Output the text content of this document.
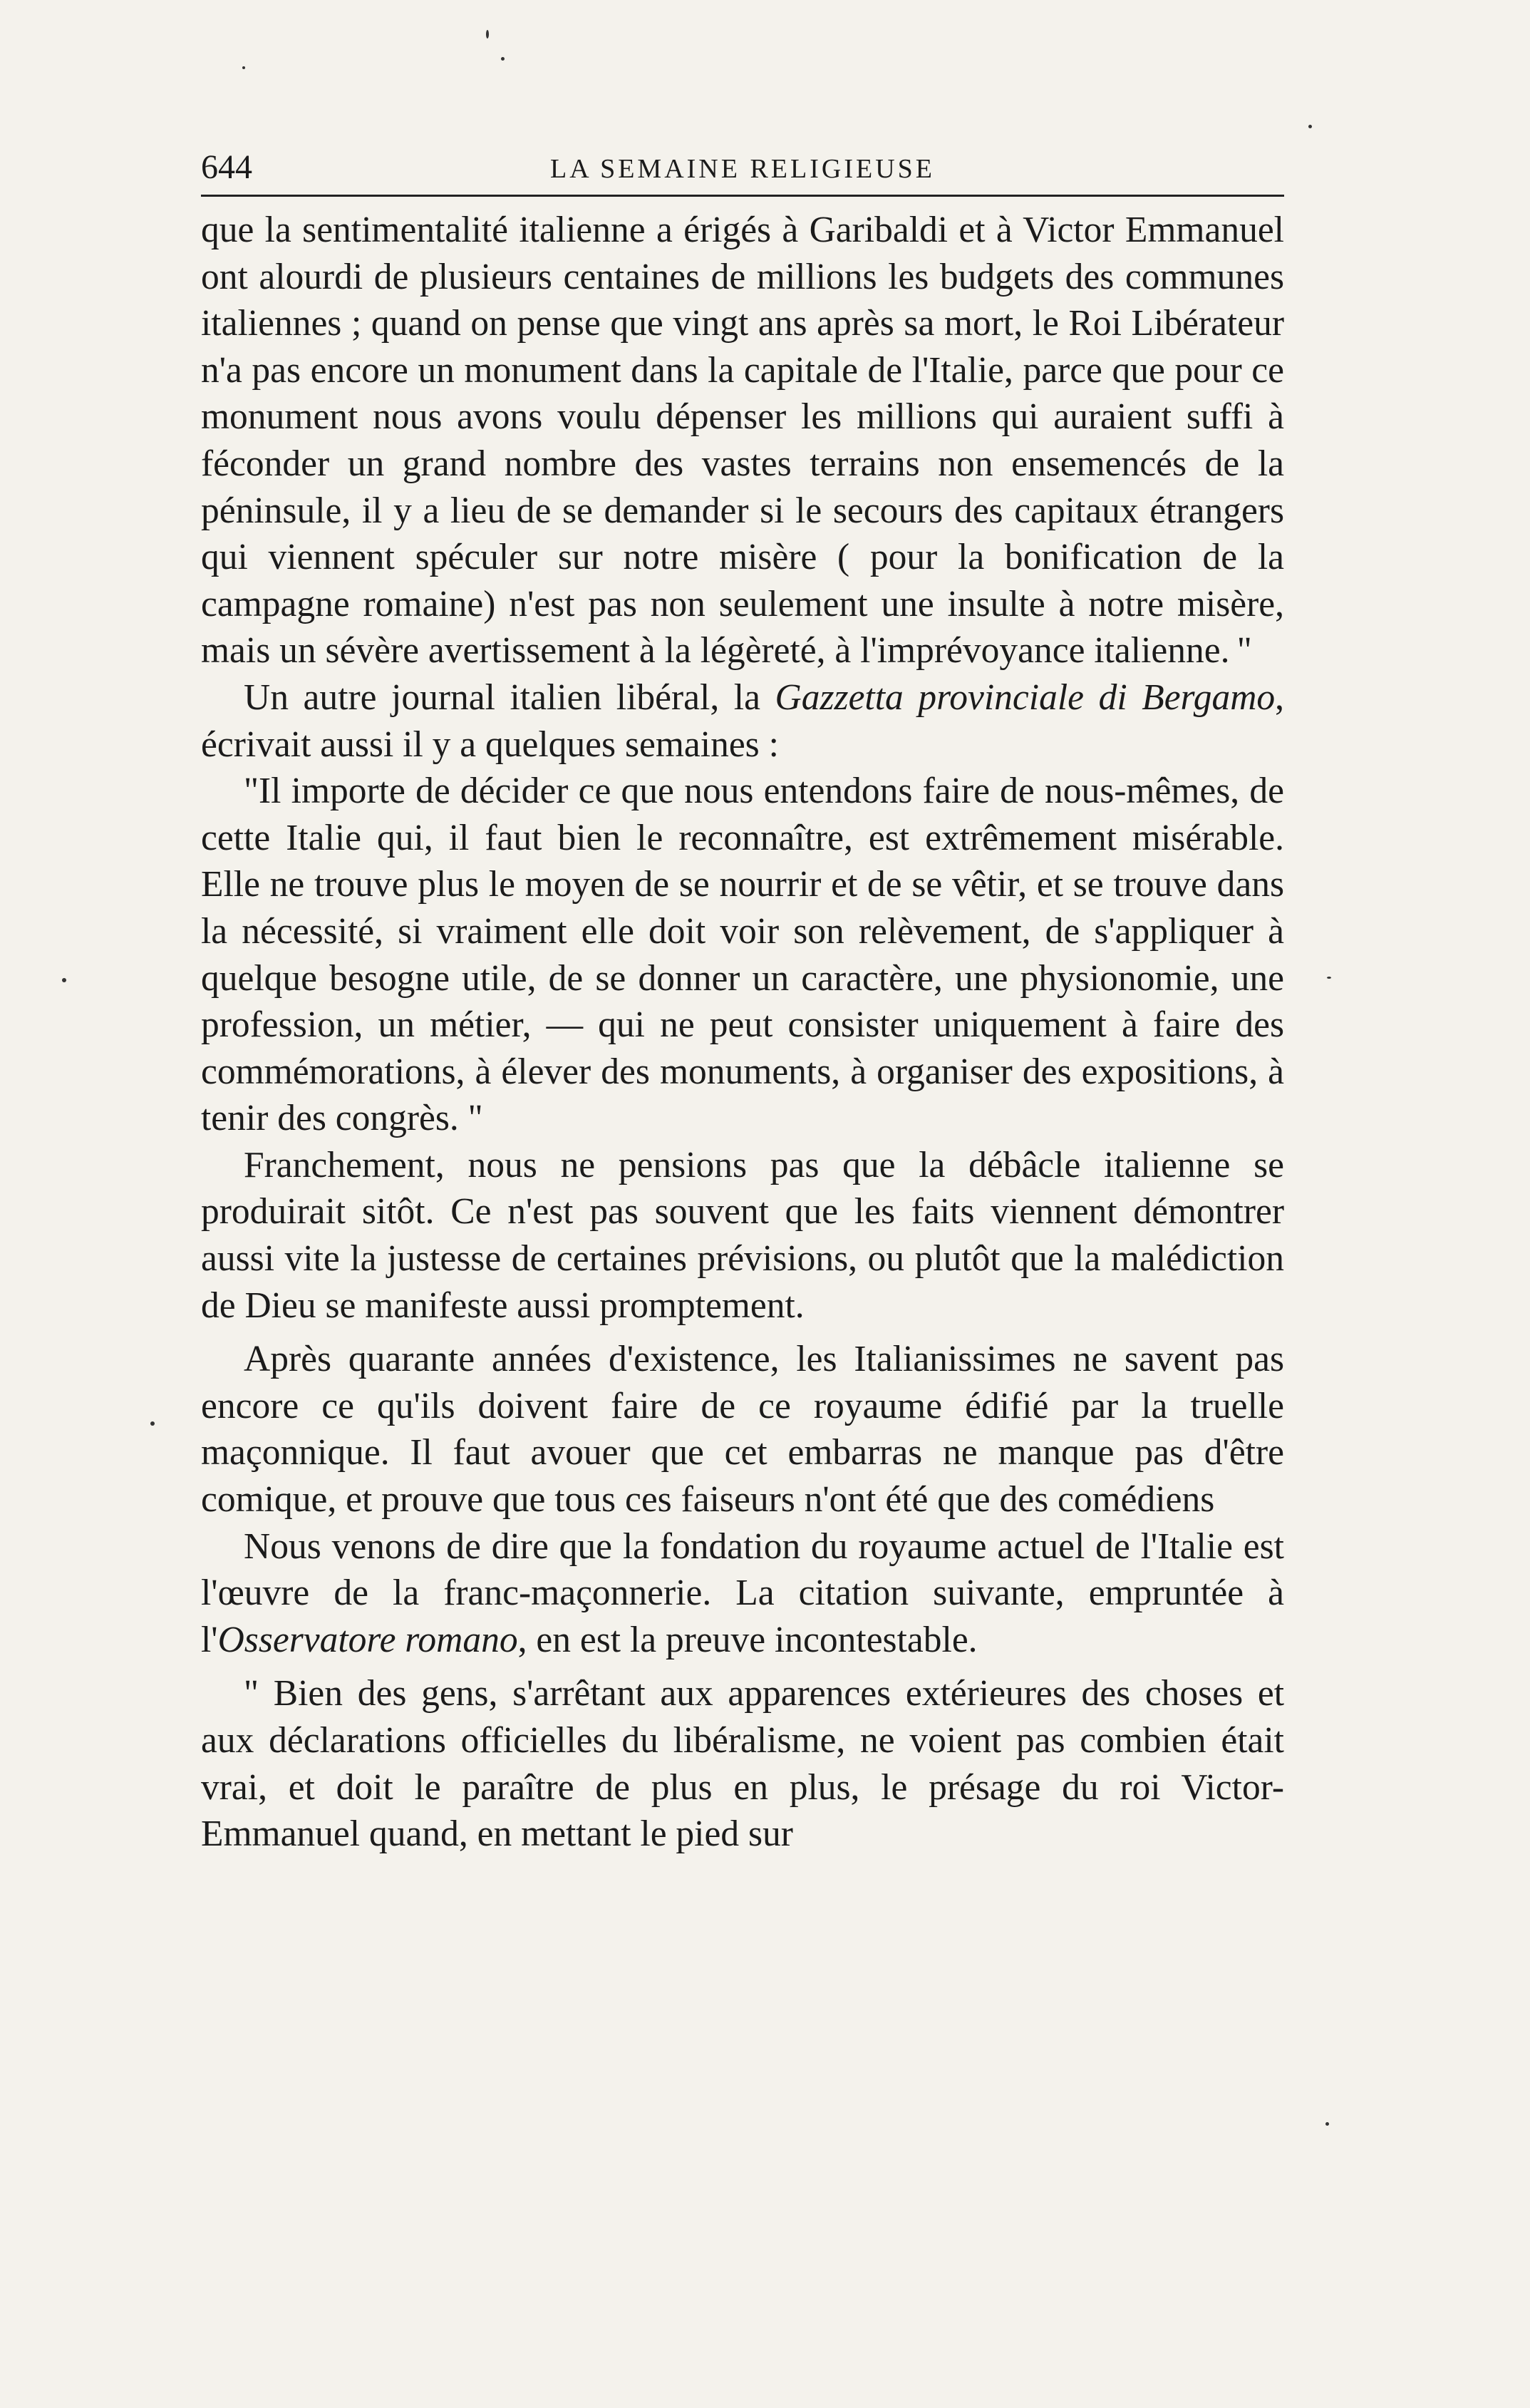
644	LA SEMAINE RELIGIEUSE

que la sentimentalité italienne a érigés à Garibaldi et à Victor Emmanuel ont alourdi de plusieurs centaines de millions les budgets des communes italiennes ; quand on pense que vingt ans après sa mort, le Roi Libérateur n'a pas encore un monument dans la capitale de l'Italie, parce que pour ce monument nous avons voulu dépenser les millions qui auraient suffi à féconder un grand nombre des vastes terrains non ensemencés de la péninsule, il y a lieu de se demander si le secours des capitaux étrangers qui viennent spéculer sur notre misère ( pour la bonification de la campagne romaine) n'est pas non seulement une insulte à notre misère, mais un sévère avertissement à la légèreté, à l'imprévoyance italienne. "

Un autre journal italien libéral, la Gazzetta provinciale di Bergamo, écrivait aussi il y a quelques semaines :

"Il importe de décider ce que nous entendons faire de nous-mêmes, de cette Italie qui, il faut bien le reconnaître, est extrêmement misérable. Elle ne trouve plus le moyen de se nourrir et de se vêtir, et se trouve dans la nécessité, si vraiment elle doit voir son relèvement, de s'appliquer à quelque besogne utile, de se donner un caractère, une physionomie, une profession, un métier, — qui ne peut consister uniquement à faire des commémorations, à élever des monuments, à organiser des expositions, à tenir des congrès. "

Franchement, nous ne pensions pas que la débâcle italienne se produirait sitôt. Ce n'est pas souvent que les faits viennent démontrer aussi vite la justesse de certaines prévisions, ou plutôt que la malédiction de Dieu se manifeste aussi promptement.

Après quarante années d'existence, les Italianissimes ne savent pas encore ce qu'ils doivent faire de ce royaume édifié par la truelle maçonnique. Il faut avouer que cet embarras ne manque pas d'être comique, et prouve que tous ces faiseurs n'ont été que des comédiens

Nous venons de dire que la fondation du royaume actuel de l'Italie est l'œuvre de la franc-maçonnerie. La citation suivante, empruntée à l'Osservatore romano, en est la preuve incontestable.

" Bien des gens, s'arrêtant aux apparences extérieures des choses et aux déclarations officielles du libéralisme, ne voient pas combien était vrai, et doit le paraître de plus en plus, le présage du roi Victor-Emmanuel quand, en mettant le pied sur
